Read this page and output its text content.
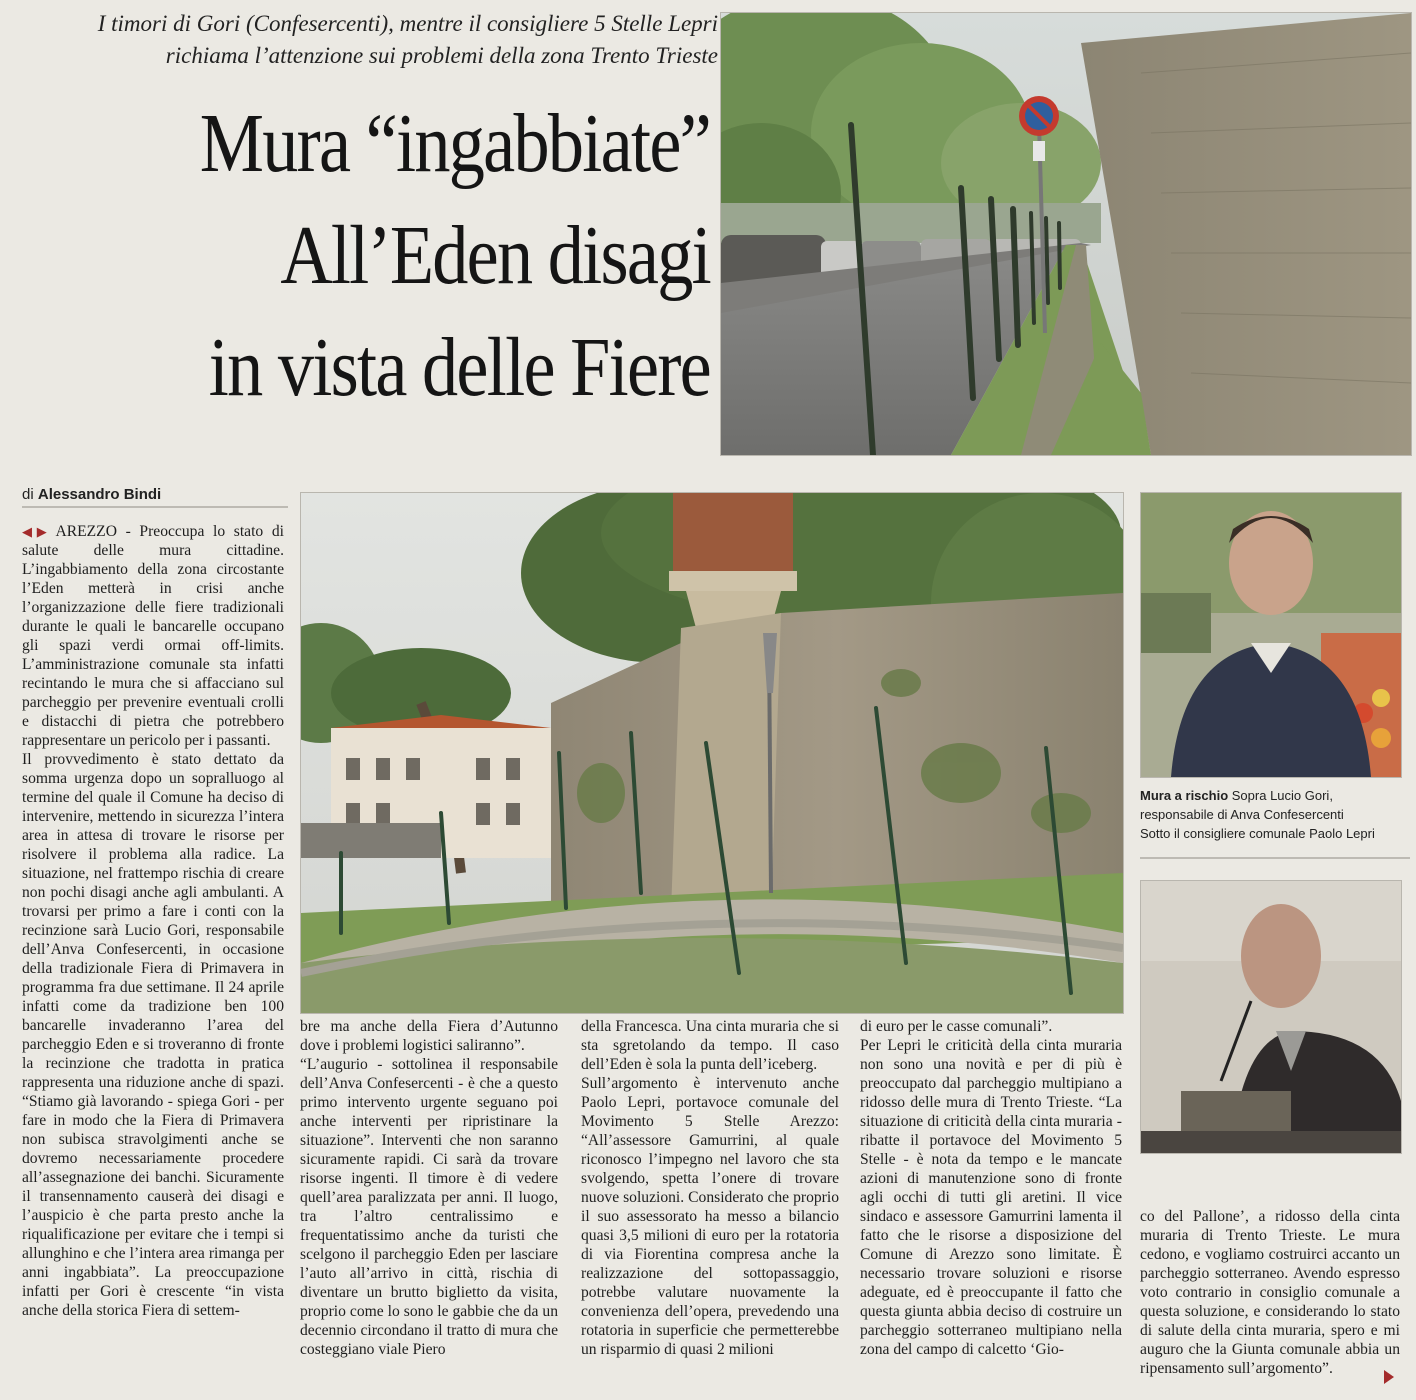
I timori di Gori (Confesercenti), mentre il consigliere 5 Stelle Lepri
richiama l’attenzione sui problemi della zona Trento Trieste
Mura “ingabbiate”
All’Eden disagi
in vista delle Fiere
di Alessandro Bindi
Mura a rischio Sopra Lucio Gori,
responsabile di Anva Confesercenti
Sotto il consigliere comunale Paolo Lepri

◀▶ AREZZO - Preoccupa lo stato di salute delle mura cittadine. L’ingabbiamento della zona circostante l’Eden metterà in crisi anche l’organizzazione delle fiere tradizionali durante le quali le bancarelle occupano gli spazi verdi ormai off-limits. L’amministrazione comunale sta infatti recintando le mura che si affacciano sul parcheggio per prevenire eventuali crolli e distacchi di pietra che potrebbero rappresentare un pericolo per i passanti.

Il provvedimento è stato dettato da somma urgenza dopo un sopralluogo al termine del quale il Comune ha deciso di intervenire, mettendo in sicurezza l’intera area in attesa di trovare le risorse per risolvere il problema alla radice. La situazione, nel frattempo rischia di creare non pochi disagi anche agli ambulanti. A trovarsi per primo a fare i conti con la recinzione sarà Lucio Gori, responsabile dell’Anva Confesercenti, in occasione della tradizionale Fiera di Primavera in programma fra due settimane. Il 24 aprile infatti come da tradizione ben 100 bancarelle invaderanno l’area del parcheggio Eden e si troveranno di fronte la recinzione che tradotta in pratica rappresenta una riduzione anche di spazi. “Stiamo già lavorando - spiega Gori - per fare in modo che la Fiera di Primavera non subisca stravolgimenti anche se dovremo necessariamente procedere all’assegnazione dei banchi. Sicuramente il transennamento causerà dei disagi e l’auspicio è che parta presto anche la riqualificazione per evitare che i tempi si allunghino e che l’intera area rimanga per anni ingabbiata”. La preoccupazione infatti per Gori è crescente “in vista anche della storica Fiera di settem-

bre ma anche della Fiera d’Autunno dove i problemi logistici saliranno”.

“L’augurio - sottolinea il responsabile dell’Anva Confesercenti - è che a questo primo intervento urgente seguano poi anche interventi per ripristinare la situazione”. Interventi che non saranno sicuramente rapidi. Ci sarà da trovare risorse ingenti. Il timore è di vedere quell’area paralizzata per anni. Il luogo, tra l’altro centralissimo e frequentatissimo anche da turisti che scelgono il parcheggio Eden per lasciare l’auto all’arrivo in città, rischia di diventare un brutto biglietto da visita, proprio come lo sono le gabbie che da un decennio circondano il tratto di mura che costeggiano viale Piero

della Francesca. Una cinta muraria che si sta sgretolando da tempo. Il caso dell’Eden è sola la punta dell’iceberg.

Sull’argomento è intervenuto anche Paolo Lepri, portavoce comunale del Movimento 5 Stelle Arezzo: “All’assessore Gamurrini, al quale riconosco l’impegno nel lavoro che sta svolgendo, spetta l’onere di trovare nuove soluzioni. Considerato che proprio il suo assessorato ha messo a bilancio quasi 3,5 milioni di euro per la rotatoria di via Fiorentina compresa anche la realizzazione del sottopassaggio, potrebbe valutare nuovamente la convenienza dell’opera, prevedendo una rotatoria in superficie che permetterebbe un risparmio di quasi 2 milioni

di euro per le casse comunali”.

Per Lepri le criticità della cinta muraria non sono una novità e per di più è preoccupato dal parcheggio multipiano a ridosso delle mura di Trento Trieste. “La situazione di criticità della cinta muraria - ribatte il portavoce del Movimento 5 Stelle - è nota da tempo e le mancate azioni di manutenzione sono di fronte agli occhi di tutti gli aretini. Il vice sindaco e assessore Gamurrini lamenta il fatto che le risorse a disposizione del Comune di Arezzo sono limitate. È necessario trovare soluzioni e risorse adeguate, ed è preoccupante il fatto che questa giunta abbia deciso di costruire un parcheggio sotterraneo multipiano nella zona del campo di calcetto ‘Gio-

co del Pallone’, a ridosso della cinta muraria di Trento Trieste. Le mura cedono, e vogliamo costruirci accanto un parcheggio sotterraneo. Avendo espresso voto contrario in consiglio comunale a questa soluzione, e considerando lo stato di salute della cinta muraria, spero e mi auguro che la Giunta comunale abbia un ripensamento sull’argomento”.
